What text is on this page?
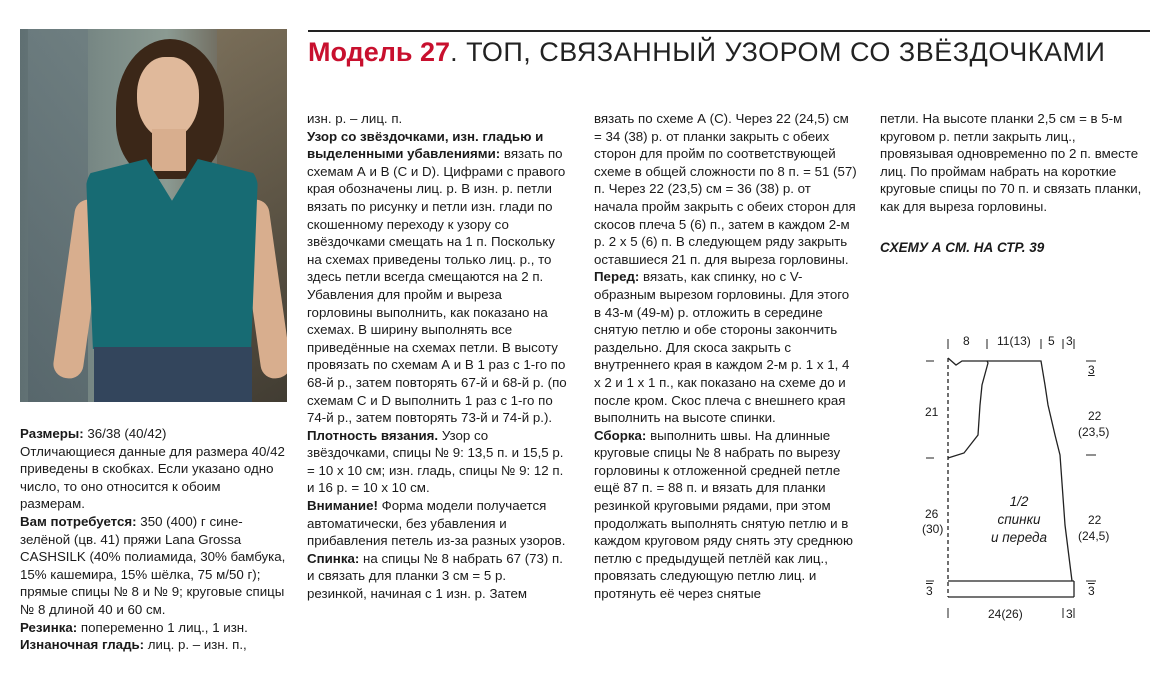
Модель 27. ТОП, СВЯЗАННЫЙ УЗОРОМ СО ЗВЁЗДОЧКАМИ

Размеры: 36/38 (40/42)

Отличающиеся данные для размера 40/42 приведены в скобках. Если указано одно число, то оно относится к обоим размерам.

Вам потребуется: 350 (400) г сине-зелёной (цв. 41) пряжи Lana Grossa CASHSILK (40% полиамида, 30% бамбука, 15% кашемира, 15% шёлка, 75 м/50 г); прямые спицы № 8 и № 9; круговые спицы № 8 длиной 40 и 60 см.

Резинка: попеременно 1 лиц., 1 изн.

Изнаночная гладь: лиц. р. – изн. п.,

изн. р. – лиц. п.

Узор со звёздочками, изн. гладью и выделенными убавлениями: вязать по схемам А и В (С и D). Цифрами с правого края обозначены лиц. р. В изн. р. петли вязать по рисунку и петли изн. глади по скошенному переходу к узору со звёздочками смещать на 1 п. Поскольку на схемах приведены только лиц. р., то здесь петли всегда смещаются на 2 п. Убавления для пройм и выреза горловины выполнить, как показано на схемах. В ширину выполнять все приведённые на схемах петли. В высоту провязать по схемам А и В 1 раз с 1-го по 68-й р., затем повторять 67-й и 68-й р. (по схемам С и D выполнить 1 раз с 1-го по 74-й р., затем повторять 73-й и 74-й р.).

Плотность вязания. Узор со звёздочками, спицы № 9: 13,5 п. и 15,5 р. = 10 х 10 см; изн. гладь, спицы № 9: 12 п. и 16 р. = 10 х 10 см.

Внимание! Форма модели получается автоматически, без убавления и прибавления петель из-за разных узоров.

Спинка: на спицы № 8 набрать 67 (73) п. и связать для планки 3 см = 5 р. резинкой, начиная с 1 изн. р. Затем

вязать по схеме А (С). Через 22 (24,5) см = 34 (38) р. от планки закрыть с обеих сторон для пройм по соответствующей схеме в общей сложности по 8 п. = 51 (57) п. Через 22 (23,5) см = 36 (38) р. от начала пройм закрыть с обеих сторон для скосов плеча 5 (6) п., затем в каждом 2-м р. 2 х 5 (6) п. В следующем ряду закрыть оставшиеся 21 п. для выреза горловины.

Перед: вязать, как спинку, но с V-образным вырезом горловины. Для этого в 43-м (49-м) р. отложить в середине снятую петлю и обе стороны закончить раздельно. Для скоса закрыть с внутреннего края в каждом 2-м р. 1 х 1, 4 х 2 и 1 х 1 п., как показано на схеме до и после кром. Скос плеча с внешнего края выполнить на высоте спинки.

Сборка: выполнить швы. На длинные круговые спицы № 8 набрать по вырезу горловины к отложенной средней петле ещё 87 п. = 88 п. и вязать для планки резинкой круговыми рядами, при этом продолжать выполнять снятую петлю и в каждом круговом ряду снять эту среднюю петлю с предыдущей петлёй как лиц., провязать следующую петлю лиц. и протянуть её через снятые

петли. На высоте планки 2,5 см = в 5-м круговом р. петли закрыть лиц., провязывая одновременно по 2 п. вместе лиц. По проймам набрать на короткие круговые спицы по 70 п. и связать планки, как для выреза горловины.

СХЕМУ А СМ. НА СТР. 39
8 11(13) 5 3
21
26
(30)
3
3
22
(23,5)
22
(24,5)
3
24(26)	3
1/2
спинки
и переда
